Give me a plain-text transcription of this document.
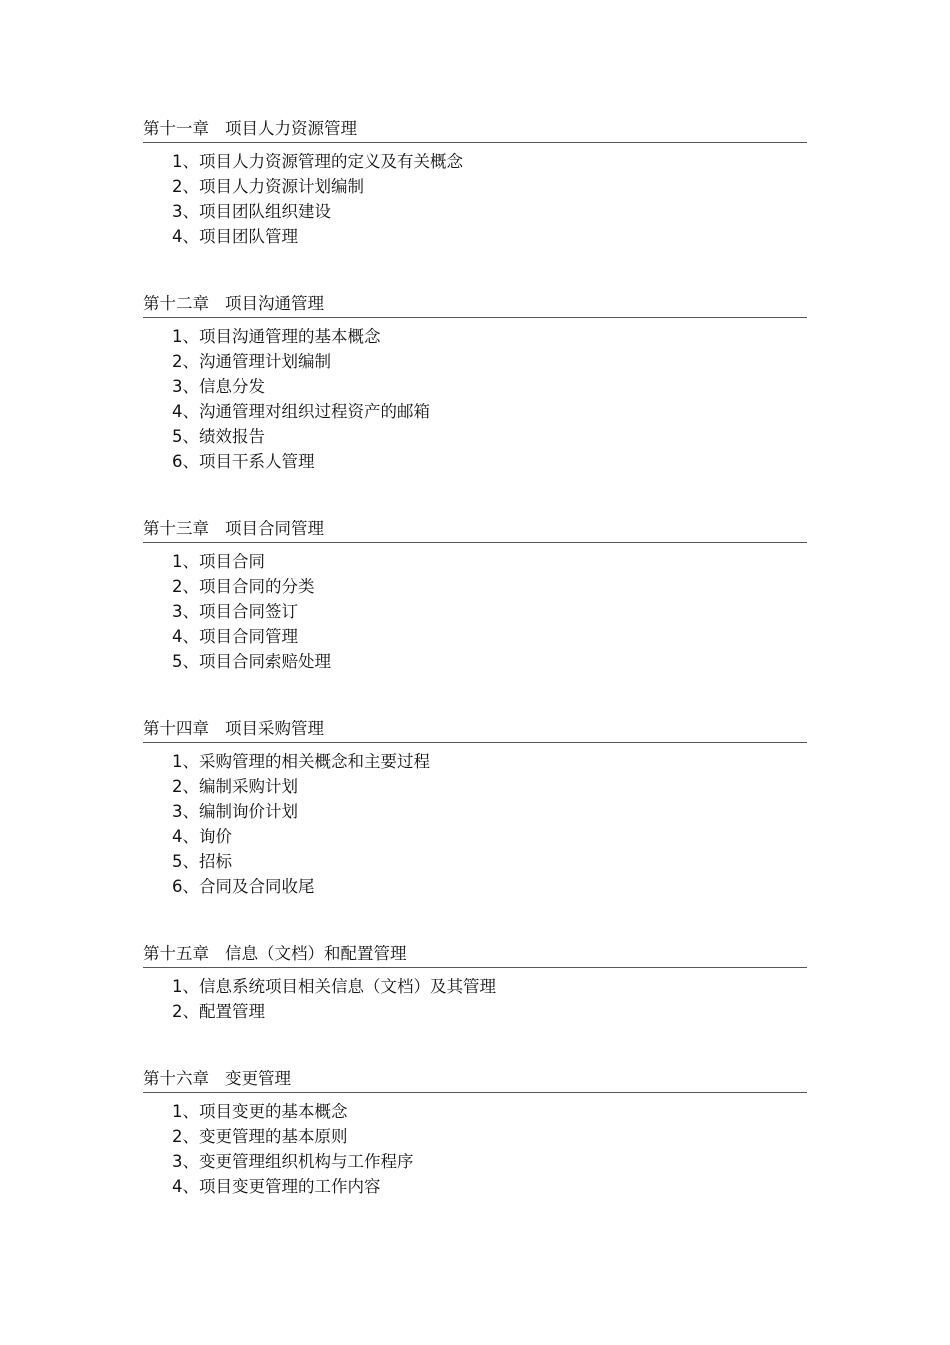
第十一章 项目人力资源管理
1、项目人力资源管理的定义及有关概念
2、项目人力资源计划编制
3、项目团队组织建设
4、项目团队管理
第十二章 项目沟通管理
1、项目沟通管理的基本概念
2、沟通管理计划编制
3、信息分发
4、沟通管理对组织过程资产的邮箱
5、绩效报告
6、项目干系人管理
第十三章 项目合同管理
1、项目合同
2、项目合同的分类
3、项目合同签订
4、项目合同管理
5、项目合同索赔处理
第十四章 项目采购管理
1、采购管理的相关概念和主要过程
2、编制采购计划
3、编制询价计划
4、询价
5、招标
6、合同及合同收尾
第十五章 信息（文档）和配置管理
1、信息系统项目相关信息（文档）及其管理
2、配置管理
第十六章 变更管理
1、项目变更的基本概念
2、变更管理的基本原则
3、变更管理组织机构与工作程序
4、项目变更管理的工作内容
